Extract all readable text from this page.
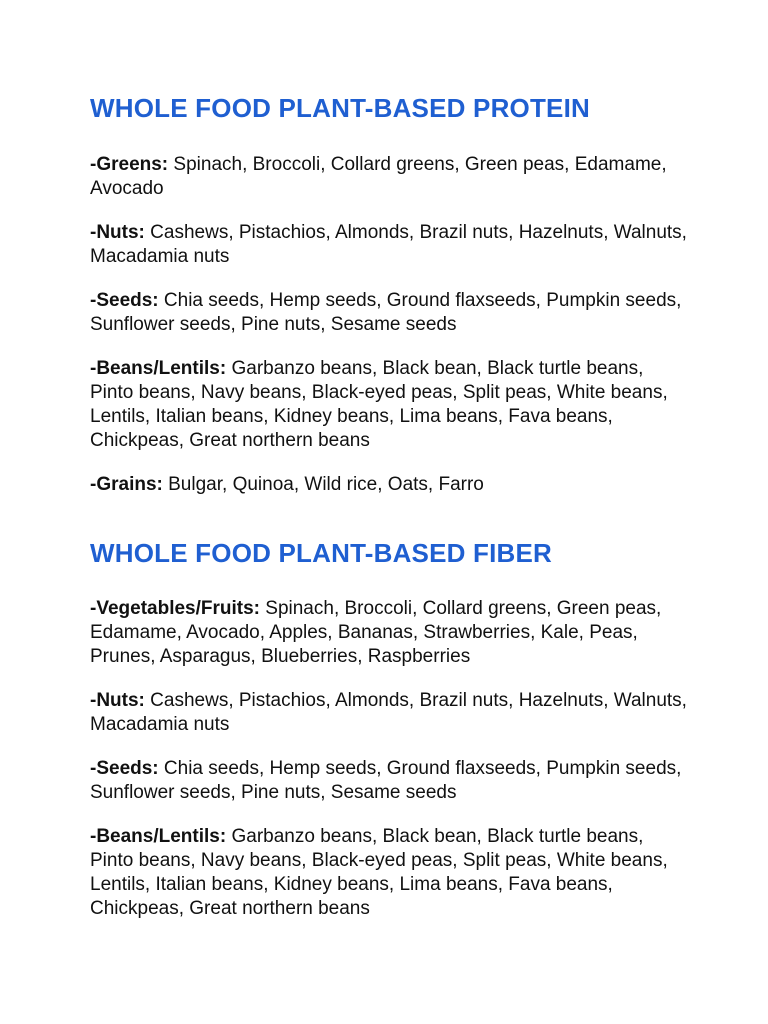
WHOLE FOOD PLANT-BASED PROTEIN

-Greens: Spinach, Broccoli, Collard greens, Green peas, Edamame, Avocado

-Nuts: Cashews, Pistachios, Almonds, Brazil nuts, Hazelnuts, Walnuts, Macadamia nuts

-Seeds: Chia seeds, Hemp seeds, Ground flaxseeds, Pumpkin seeds, Sunflower seeds, Pine nuts, Sesame seeds

-Beans/Lentils: Garbanzo beans, Black bean, Black turtle beans, Pinto beans, Navy beans, Black-eyed peas, Split peas, White beans, Lentils, Italian beans, Kidney beans, Lima beans, Fava beans, Chickpeas, Great northern beans

-Grains: Bulgar, Quinoa, Wild rice, Oats, Farro

WHOLE FOOD PLANT-BASED FIBER

-Vegetables/Fruits: Spinach, Broccoli, Collard greens, Green peas, Edamame, Avocado, Apples, Bananas, Strawberries, Kale, Peas, Prunes, Asparagus, Blueberries, Raspberries

-Nuts: Cashews, Pistachios, Almonds, Brazil nuts, Hazelnuts, Walnuts, Macadamia nuts

-Seeds: Chia seeds, Hemp seeds, Ground flaxseeds, Pumpkin seeds, Sunflower seeds, Pine nuts, Sesame seeds

-Beans/Lentils: Garbanzo beans, Black bean, Black turtle beans, Pinto beans, Navy beans, Black-eyed peas, Split peas, White beans, Lentils, Italian beans, Kidney beans, Lima beans, Fava beans, Chickpeas, Great northern beans
